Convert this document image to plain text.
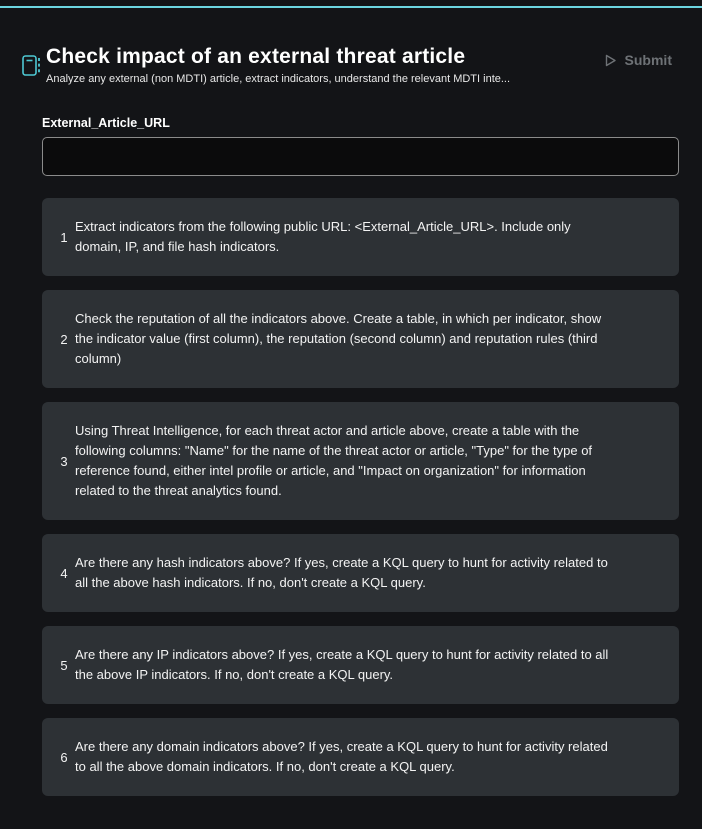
Check impact of an external threat article
Analyze any external (non MDTI) article, extract indicators, understand the relevant MDTI inte...
Submit
External_Article_URL
1
Extract indicators from the following public URL: <External_Article_URL>. Include only domain, IP, and file hash indicators.
2
Check the reputation of all the indicators above. Create a table, in which per indicator, show the indicator value (first column), the reputation (second column) and reputation rules (third column)
3
Using Threat Intelligence, for each threat actor and article above, create a table with the following columns: "Name" for the name of the threat actor or article, "Type" for the type of reference found, either intel profile or article, and "Impact on organization" for information related to the threat analytics found.
4
Are there any hash indicators above? If yes, create a KQL query to hunt for activity related to all the above hash indicators. If no, don't create a KQL query.
5
Are there any IP indicators above? If yes, create a KQL query to hunt for activity related to all the above IP indicators. If no, don't create a KQL query.
6
Are there any domain indicators above? If yes, create a KQL query to hunt for activity related to all the above domain indicators. If no, don't create a KQL query.
